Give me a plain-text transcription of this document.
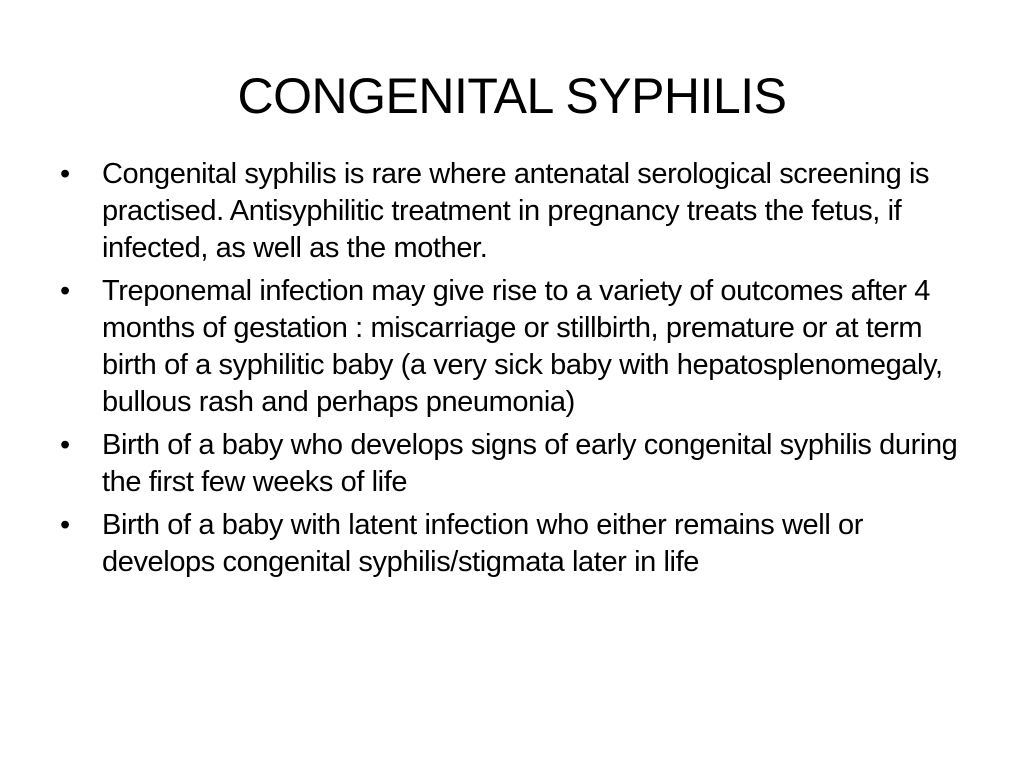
CONGENITAL SYPHILIS
•	Congenital syphilis is rare where antenatal serological screening is practised. Antisyphilitic treatment in pregnancy treats the fetus, if infected, as well as the mother.
•	Treponemal infection may give rise to a variety of outcomes after 4 months of gestation : miscarriage or stillbirth, premature or at term birth of a syphilitic baby (a very sick baby with hepatosplenomegaly, bullous rash and perhaps pneumonia)
•	Birth of a baby who develops signs of early congenital syphilis during the first few weeks of life
•	Birth of a baby with latent infection who either remains well or develops congenital syphilis/stigmata later in life
